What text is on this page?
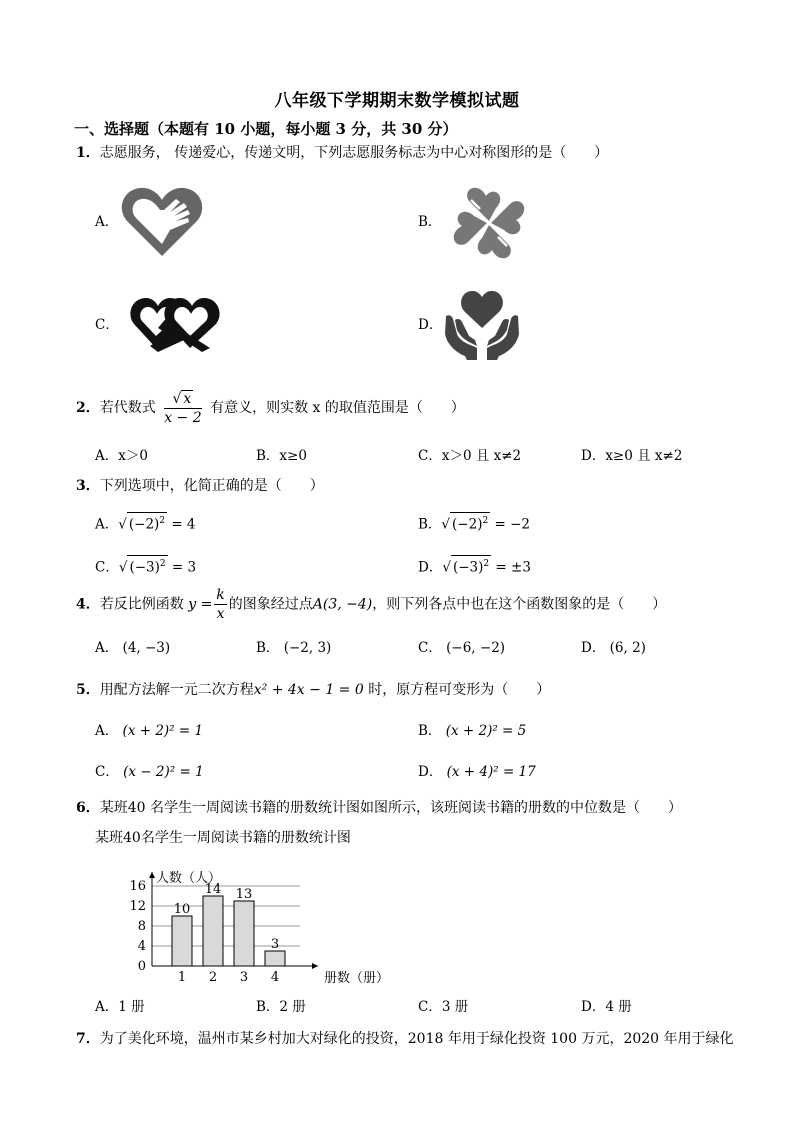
八年级下学期期末数学模拟试题
一、选择题（本题有 10 小题，每小题 3 分，共 30 分）
1．志愿服务， 传递爱心，传递文明，下列志愿服务标志为中心对称图形的是（　　）
A．	B．
C．	D．
2．若代数式 $\frac{√ x}{x - 2}$ 有意义，则实数 x 的取值范围是（　　）
A．x＞0	B．x≥0	C．x＞0 且 x≠2	D．x≥0 且 x≠2
3．下列选项中，化简正确的是（　　）
A．√ $(-2)^2 = 4$	B．√ $(-2)^2 = -2$
C．√ $(-3)^2 = 3$	D．√ $(-3)^2 = \pm 3$
4．若反比例函数 $y = \frac{k}{x}$ 的图象经过点A(3, −4)，则下列各点中也在这个函数图象的是（　　）
A． (4, −3)	B． (−2, 3)	C． (−6, −2)	D． (6, 2)
5．用配方法解一元二次方程x² + 4x − 1 = 0 时，原方程可变形为（　　）
A． (x + 2)² = 1	B． (x + 2)² = 5
C． (x − 2)² = 1	D． (x + 4)² = 17
6．某班40 名学生一周阅读书籍的册数统计图如图所示，该班阅读书籍的册数的中位数是（　　）
某班40名学生一周阅读书籍的册数统计图
0
4
8
12
16
人数（人）
册数（册）
10
1
14
2
13
3
3
4
A．1 册	B．2 册	C．3 册	D．4 册
7．为了美化环境，温州市某乡村加大对绿化的投资，2018 年用于绿化投资 100 万元，2020 年用于绿化
